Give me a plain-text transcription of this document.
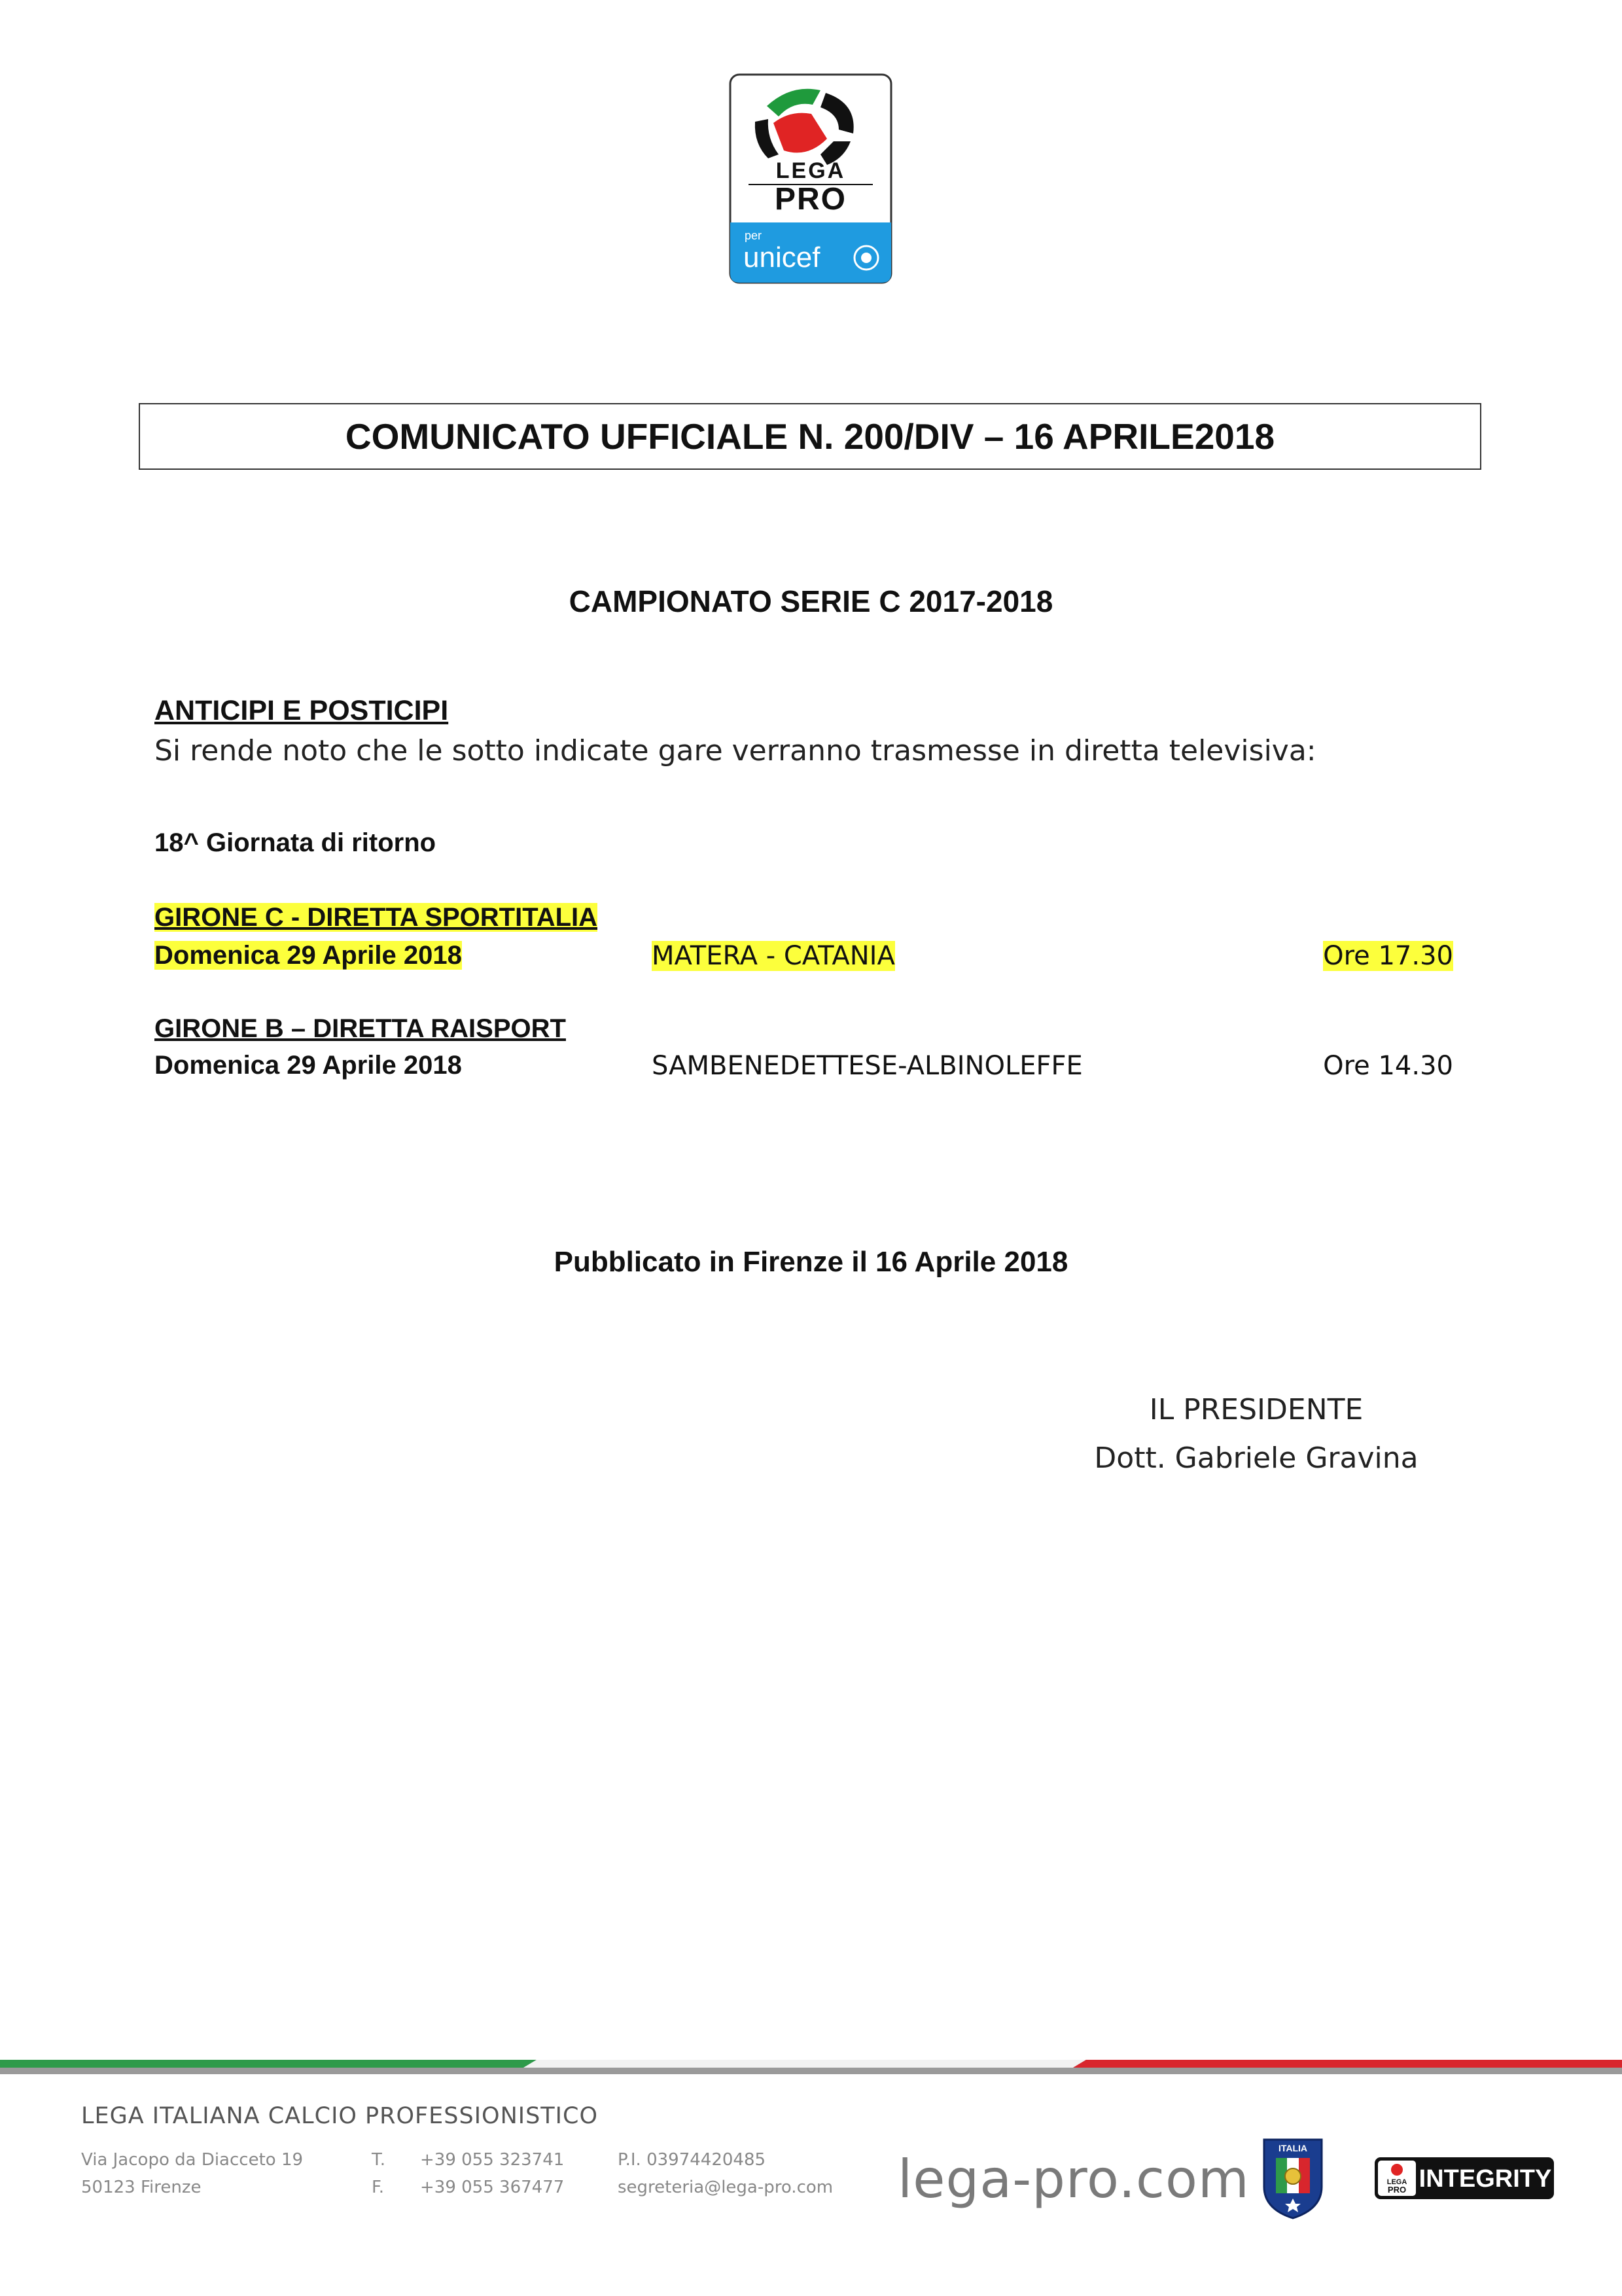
LEGA
PRO
per
unicef
COMUNICATO UFFICIALE N. 200/DIV – 16 APRILE2018
CAMPIONATO SERIE C 2017-2018
ANTICIPI E POSTICIPI
Si rende noto che le sotto indicate gare verranno trasmesse in diretta televisiva:
18^ Giornata di ritorno
GIRONE C - DIRETTA SPORTITALIA
Domenica 29 Aprile 2018	MATERA - CATANIA	Ore 17.30
GIRONE B – DIRETTA RAISPORT
Domenica 29 Aprile 2018	SAMBENEDETTESE-ALBINOLEFFE	Ore 14.30
Pubblicato in Firenze il 16 Aprile 2018
IL PRESIDENTE
Dott. Gabriele Gravina
LEGA ITALIANA CALCIO PROFESSIONISTICO
Via Jacopo da Diacceto 19
50123 Firenze
T. +39 055 323741
F. +39 055 367477
P.I. 03974420485
segreteria@lega-pro.com lega-pro.com
ITALIA
LEGA
PRO INTEGRITY
